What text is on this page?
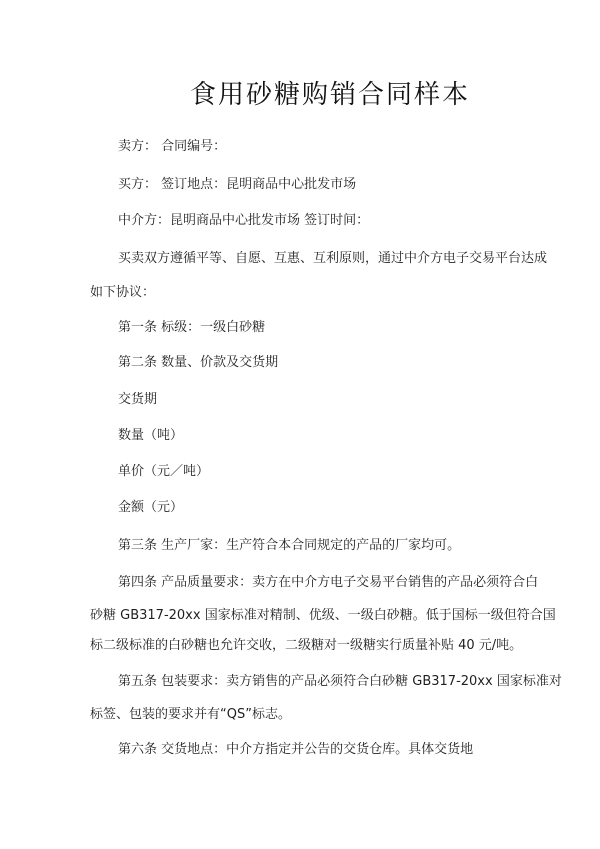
食用砂糖购销合同样本
卖方： 合同编号：
买方： 签订地点：昆明商品中心批发市场
中介方：昆明商品中心批发市场 签订时间：
买卖双方遵循平等、自愿、互惠、互利原则，通过中介方电子交易平台达成
如下协议：
第一条 标级：一级白砂糖
第二条 数量、价款及交货期
交货期
数量（吨）
单价（元／吨）
金额（元）
第三条 生产厂家：生产符合本合同规定的产品的厂家均可。
第四条 产品质量要求：卖方在中介方电子交易平台销售的产品必须符合白
砂糖 GB317-20xx 国家标准对精制、优级、一级白砂糖。低于国标一级但符合国
标二级标准的白砂糖也允许交收，二级糖对一级糖实行质量补贴 40 元/吨。
第五条 包装要求：卖方销售的产品必须符合白砂糖 GB317-20xx 国家标准对
标签、包装的要求并有“QS”标志。
第六条 交货地点：中介方指定并公告的交货仓库。具体交货地
